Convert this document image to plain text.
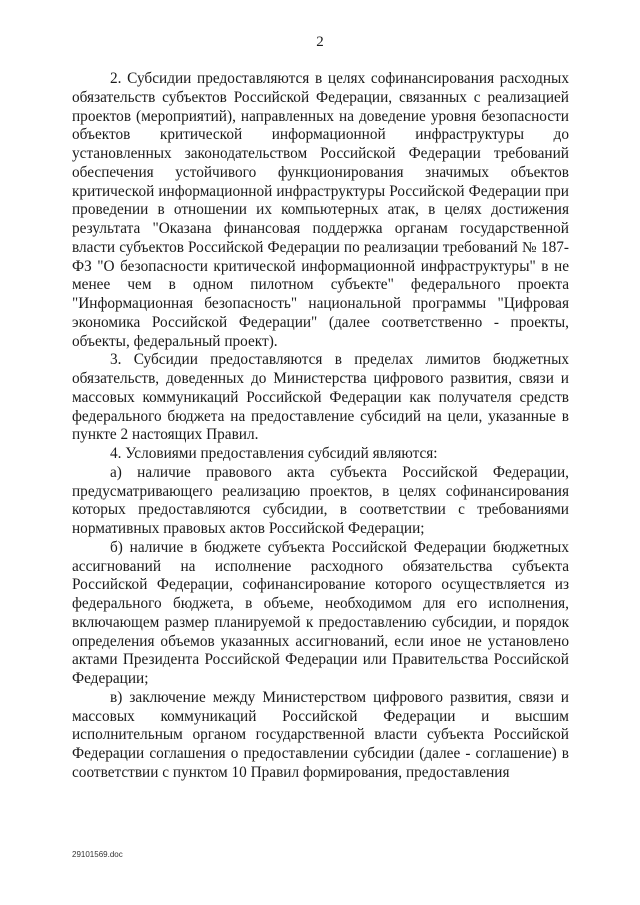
2

2. Субсидии предоставляются в целях софинансирования расходных обязательств субъектов Российской Федерации, связанных с реализацией проектов (мероприятий), направленных на доведение уровня безопасности объектов критической информационной инфраструктуры до установленных законодательством Российской Федерации требований обеспечения устойчивого функционирования значимых объектов критической информационной инфраструктуры Российской Федерации при проведении в отношении их компьютерных атак, в целях достижения результата "Оказана финансовая поддержка органам государственной власти субъектов Российской Федерации по реализации требований № 187-ФЗ "О безопасности критической информационной инфраструктуры" в не менее чем в одном пилотном субъекте" федерального проекта "Информационная безопасность" национальной программы "Цифровая экономика Российской Федерации" (далее соответственно - проекты, объекты, федеральный проект).

3. Субсидии предоставляются в пределах лимитов бюджетных обязательств, доведенных до Министерства цифрового развития, связи и массовых коммуникаций Российской Федерации как получателя средств федерального бюджета на предоставление субсидий на цели, указанные в пункте 2 настоящих Правил.

4. Условиями предоставления субсидий являются:

а) наличие правового акта субъекта Российской Федерации, предусматривающего реализацию проектов, в целях софинансирования которых предоставляются субсидии, в соответствии с требованиями нормативных правовых актов Российской Федерации;

б) наличие в бюджете субъекта Российской Федерации бюджетных ассигнований на исполнение расходного обязательства субъекта Российской Федерации, софинансирование которого осуществляется из федерального бюджета, в объеме, необходимом для его исполнения, включающем размер планируемой к предоставлению субсидии, и порядок определения объемов указанных ассигнований, если иное не установлено актами Президента Российской Федерации или Правительства Российской Федерации;

в) заключение между Министерством цифрового развития, связи и массовых коммуникаций Российской Федерации и высшим исполнительным органом государственной власти субъекта Российской Федерации соглашения о предоставлении субсидии (далее - соглашение) в соответствии с пунктом 10 Правил формирования, предоставления

29101569.doc
